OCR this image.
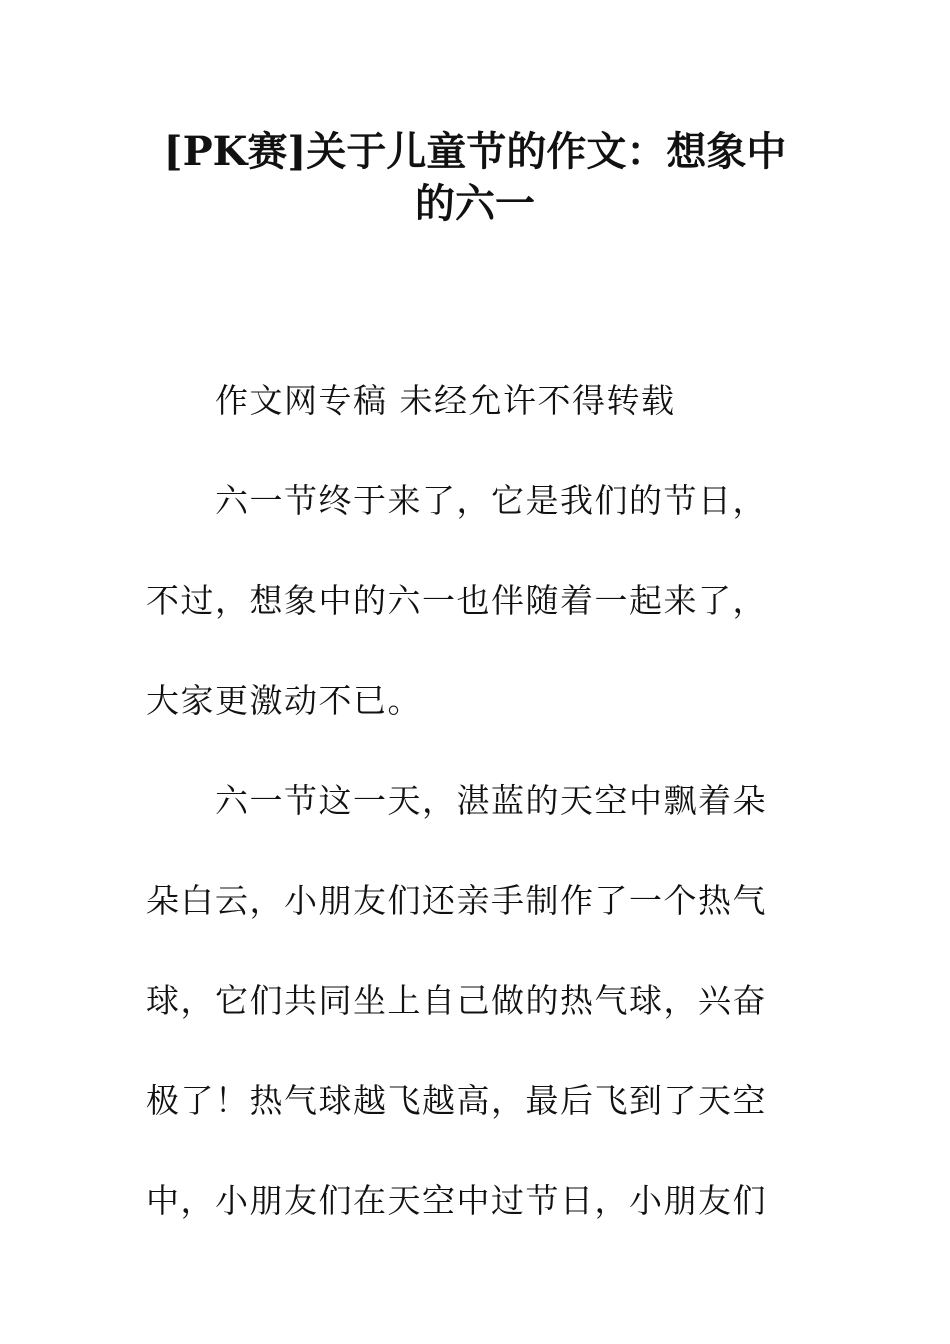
[PK赛]关于儿童节的作文：想象中
的六一
作文网专稿 未经允许不得转载
六一节终于来了，它是我们的节日，
不过，想象中的六一也伴随着一起来了，
大家更激动不已。
六一节这一天，湛蓝的天空中飘着朵
朵白云，小朋友们还亲手制作了一个热气
球，它们共同坐上自己做的热气球，兴奋
极了！热气球越飞越高，最后飞到了天空
中，小朋友们在天空中过节日，小朋友们
